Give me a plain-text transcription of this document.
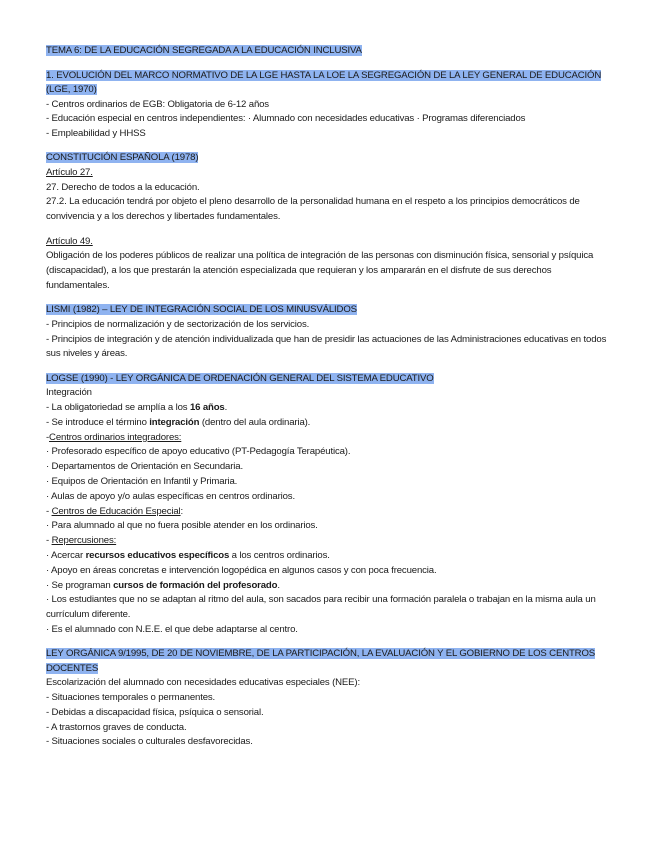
TEMA 6: DE LA EDUCACIÓN SEGREGADA A LA EDUCACIÓN INCLUSIVA
1. EVOLUCIÓN DEL MARCO NORMATIVO DE LA LGE HASTA LA LOE LA SEGREGACIÓN DE LA LEY GENERAL DE EDUCACIÓN (LGE, 1970)
- Centros ordinarios de EGB: Obligatoria de 6-12 años
- Educación especial en centros independientes: · Alumnado con necesidades educativas · Programas diferenciados
- Empleabilidad y HHSS
CONSTITUCIÓN ESPAÑOLA (1978)
Artículo 27.
27. Derecho de todos a la educación.
27.2. La educación tendrá por objeto el pleno desarrollo de la personalidad humana en el respeto a los principios democráticos de convivencia y a los derechos y libertades fundamentales.
Artículo 49.
Obligación de los poderes públicos de realizar una política de integración de las personas con disminución física, sensorial y psíquica (discapacidad), a los que prestarán la atención especializada que requieran y los ampararán en el disfrute de sus derechos fundamentales.
LISMI (1982) – LEY DE INTEGRACIÓN SOCIAL DE LOS MINUSVÁLIDOS
- Principios de normalización y de sectorización de los servicios.
- Principios de integración y de atención individualizada que han de presidir las actuaciones de las Administraciones educativas en todos sus niveles y áreas.
LOGSE (1990) - LEY ORGÁNICA DE ORDENACIÓN GENERAL DEL SISTEMA EDUCATIVO
Integración
- La obligatoriedad se amplía a los 16 años.
- Se introduce el término integración (dentro del aula ordinaria).
-Centros ordinarios integradores:
· Profesorado específico de apoyo educativo (PT-Pedagogía Terapéutica).
· Departamentos de Orientación en Secundaria.
· Equipos de Orientación en Infantil y Primaria.
· Aulas de apoyo y/o aulas específicas en centros ordinarios.
- Centros de Educación Especial:
· Para alumnado al que no fuera posible atender en los ordinarios.
- Repercusiones:
· Acercar recursos educativos específicos a los centros ordinarios.
· Apoyo en áreas concretas e intervención logopédica en algunos casos y con poca frecuencia.
· Se programan cursos de formación del profesorado.
· Los estudiantes que no se adaptan al ritmo del aula, son sacados para recibir una formación paralela o trabajan en la misma aula un currículum diferente.
· Es el alumnado con N.E.E. el que debe adaptarse al centro.
LEY ORGÁNICA 9/1995, DE 20 DE NOVIEMBRE, DE LA PARTICIPACIÓN, LA EVALUACIÓN Y EL GOBIERNO DE LOS CENTROS DOCENTES
Escolarización del alumnado con necesidades educativas especiales (NEE):
- Situaciones temporales o permanentes.
- Debidas a discapacidad física, psíquica o sensorial.
- A trastornos graves de conducta.
- Situaciones sociales o culturales desfavorecidas.
